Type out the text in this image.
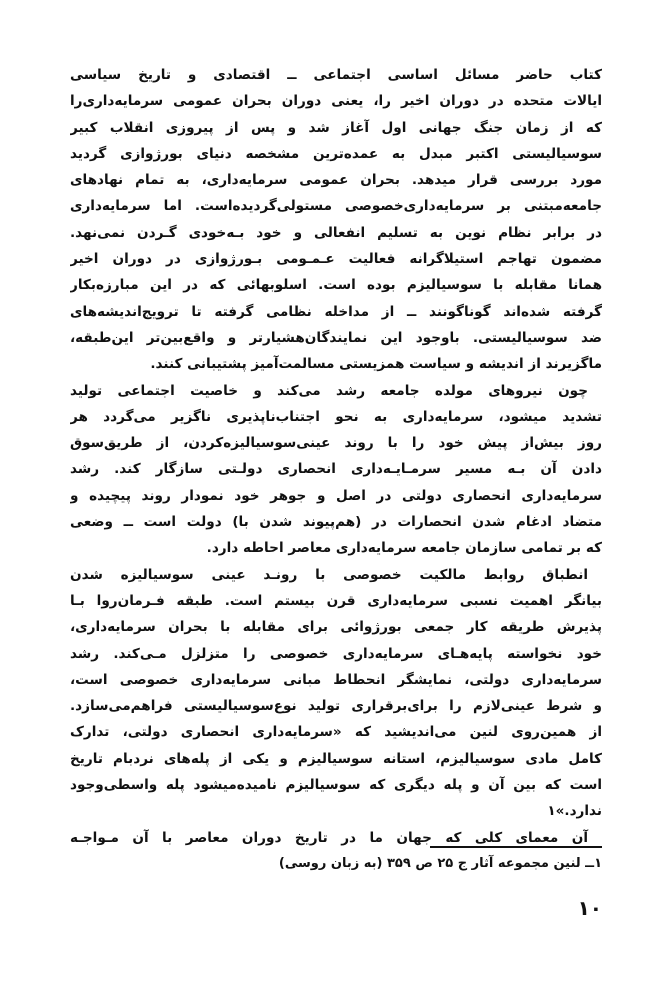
کتاب حاضر مسائل اساسی اجتماعی ــ اقتصادی و تاریخ سیاسی
ایالات متحده در دوران اخیر را، یعنی دوران بحران عمومی سرمایه‌داری‌را
که از زمان جنگ جهانی اول آغاز شد و پس از پیروزی انقلاب کبیر
سوسیالیستی اکتبر مبدل به عمده‌ترین مشخصه دنیای بورژوازی گردید
مورد بررسی قرار میدهد. بحران عمومی سرمایه‌داری، به تمام نهادهای
جامعه‌مبتنی بر سرمایه‌داری‌خصوصی مستولی‌گردیده‌است. اما سرمایه‌داری
در برابر نظام نوین به تسلیم انفعالی و خود بـه‌خودی گـردن نمی‌نهد.
مضمون تهاجم استیلاگرانه فعالیت عـمـومی بـورژوازی در دوران اخیر
همانا مقابله با سوسیالیزم بوده است. اسلوبهائی که در این مبارزه‌بکار
گرفته شده‌اند گوناگونند ــ از مداخله نظامی گرفته تا ترویج‌اندیشه‌های
ضد سوسیالیستی. باوجود این نمایندگان‌هشیارتر و واقع‌بین‌تر این‌طبقه،
ماگزیرند از اندیشه و سیاست همزیستی مسالمت‌آمیز پشتیبانی کنند.
چون نیروهای مولده جامعه رشد می‌کند و خاصیت اجتماعی تولید
تشدید میشود، سرمایه‌داری به نحو اجتناب‌ناپذیری ناگزیر می‌گردد هر
روز بیش‌از پیش خود را با روند عینی‌سوسیالیزه‌کردن، از طریق‌سوق
دادن آن بـه مسیر سرمـایـه‌داری انحصاری دولـتی سازگار کند. رشد
سرمایه‌داری انحصاری دولتی در اصل و جوهر خود نمودار روند پیچیده و
متضاد ادغام شدن انحصارات در (هم‌پیوند شدن با) دولت است ــ وضعی
که بر تمامی سازمان جامعه سرمایه‌داری معاصر احاطه دارد.
انطباق روابط مالکیت خصوصی با رونـد عینی سوسیالیزه شدن
بیانگر اهمیت نسبی سرمایه‌داری قرن بیستم است. طبقه فـرمان‌روا بـا
پذیرش طریقه کار جمعی بورژوائی برای مقابله با بحران سرمایه‌داری،
خود نخواسته پایه‌هـای سرمایه‌داری خصوصی را متزلزل مـی‌کند. رشد
سرمایه‌داری دولتی، نمایشگر انحطاط مبانی سرمایه‌داری خصوصی است،
و شرط عینی‌لازم را برای‌برقراری تولید نوع‌سوسیالیستی فراهم‌می‌سازد.
از همین‌روی لنین می‌اندیشید که «سرمایه‌داری انحصاری دولتی، تدارک
کامل مادی سوسیالیزم، استانه سوسیالیزم و یکی از پله‌های نردبام تاریخ
است که بین آن و پله دیگری که سوسیالیزم نامیده‌میشود پله واسطی‌وجود
ندارد.»۱
آن معمای کلی که جهان ما در تاریخ دوران معاصر با آن مـواجـه
۱ــ لنین مجموعه آثار ج ۲۵ ص ۳۵۹ (به زبان روسی)
۱۰
